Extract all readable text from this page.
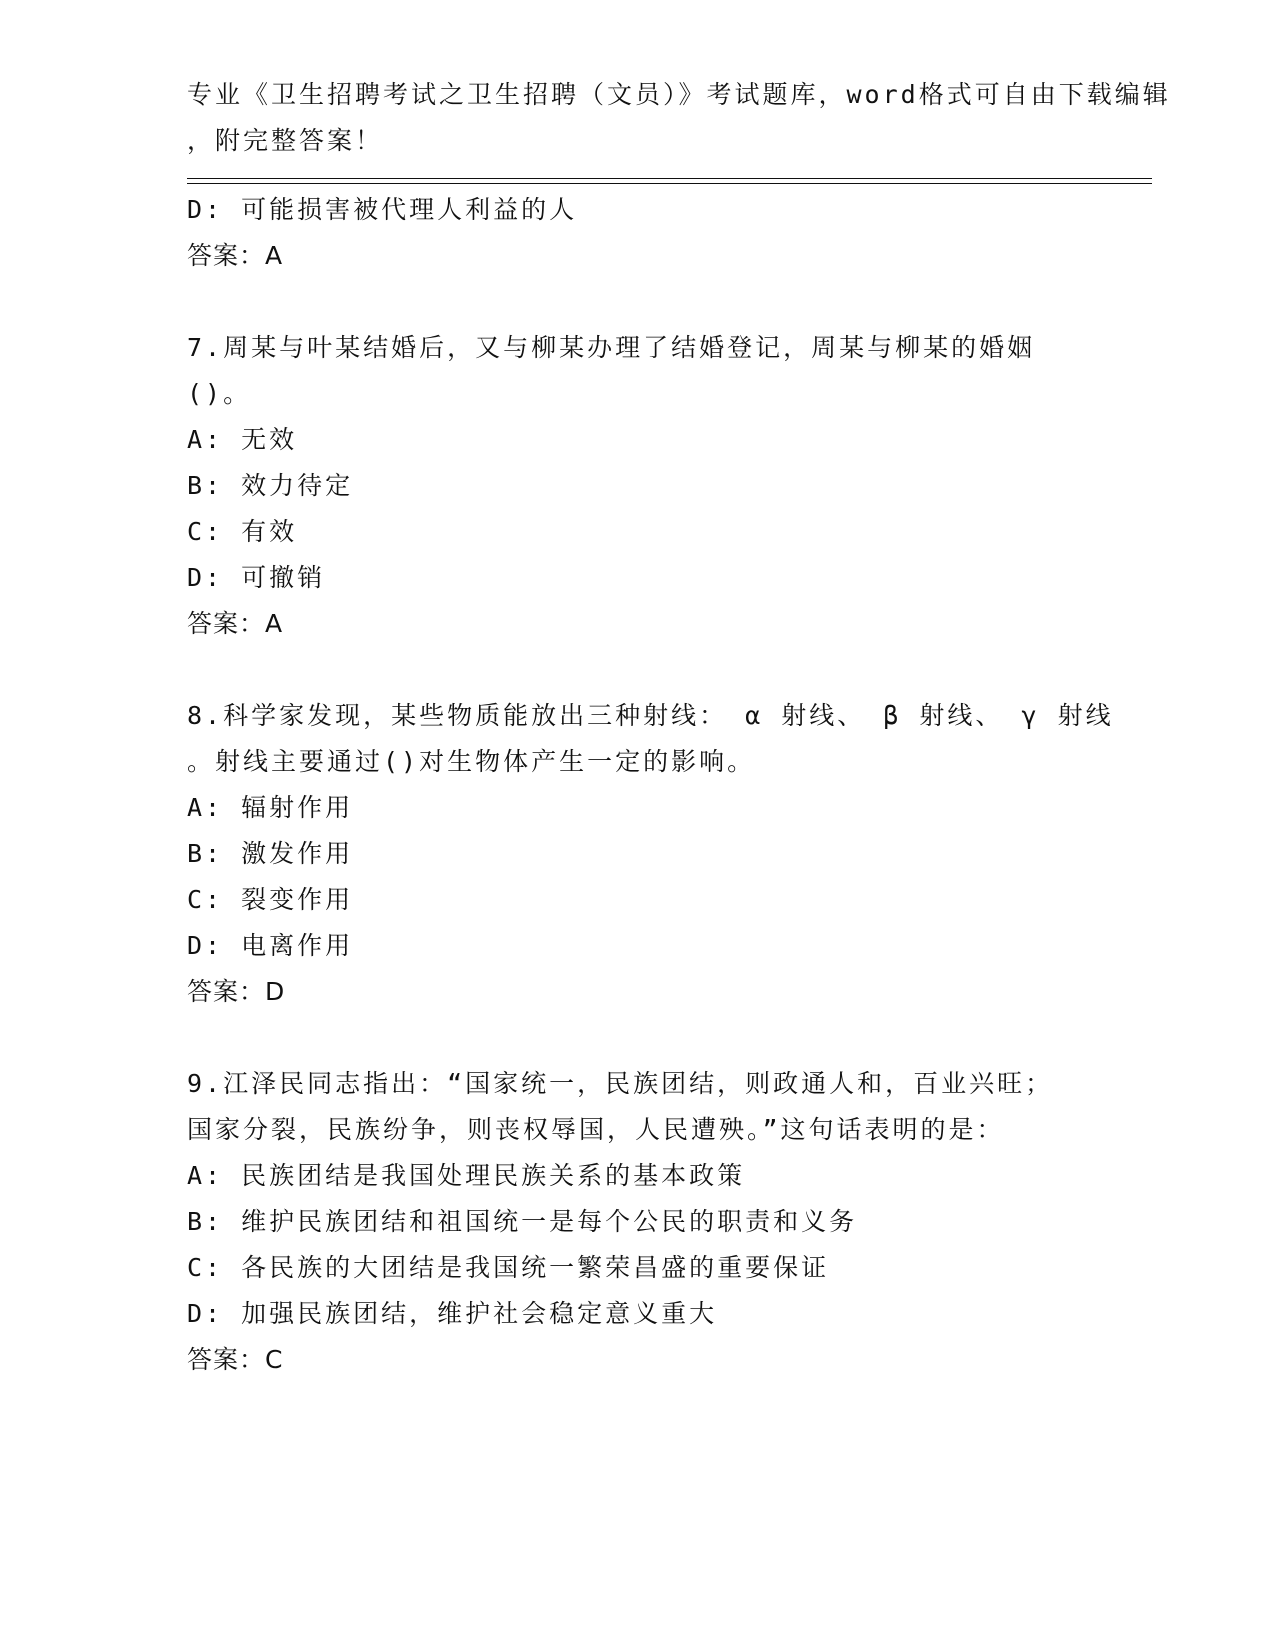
专业《卫生招聘考试之卫生招聘（文员）》考试题库，word格式可自由下载编辑
，附完整答案！
D: 可能损害被代理人利益的人
答案：A
7.周某与叶某结婚后，又与柳某办理了结婚登记，周某与柳某的婚姻
()。
A: 无效
B: 效力待定
C: 有效
D: 可撤销
答案：A
8.科学家发现，某些物质能放出三种射线： α 射线、 β 射线、 γ 射线
。射线主要通过()对生物体产生一定的影响。
A: 辐射作用
B: 激发作用
C: 裂变作用
D: 电离作用
答案：D
9.江泽民同志指出：“国家统一，民族团结，则政通人和，百业兴旺；
国家分裂，民族纷争，则丧权辱国，人民遭殃。”这句话表明的是：
A: 民族团结是我国处理民族关系的基本政策
B: 维护民族团结和祖国统一是每个公民的职责和义务
C: 各民族的大团结是我国统一繁荣昌盛的重要保证
D: 加强民族团结，维护社会稳定意义重大
答案：C
